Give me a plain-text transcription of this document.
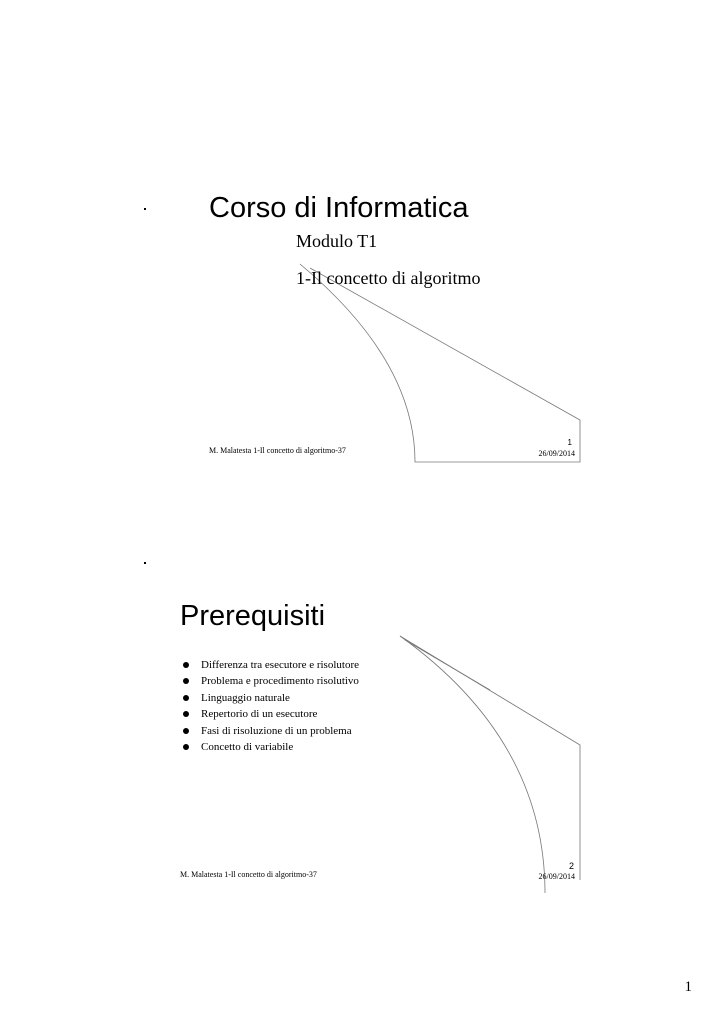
Corso di Informatica
Modulo T1
1-Il concetto di algoritmo
M. Malatesta 1-Il concetto di algoritmo-37
1
26/09/2014
Prerequisiti
Differenza tra esecutore e risolutore
Problema e procedimento risolutivo
Linguaggio naturale
Repertorio di un esecutore
Fasi di risoluzione di un problema
Concetto di variabile
M. Malatesta 1-Il concetto di algoritmo-37
2
26/09/2014
1
